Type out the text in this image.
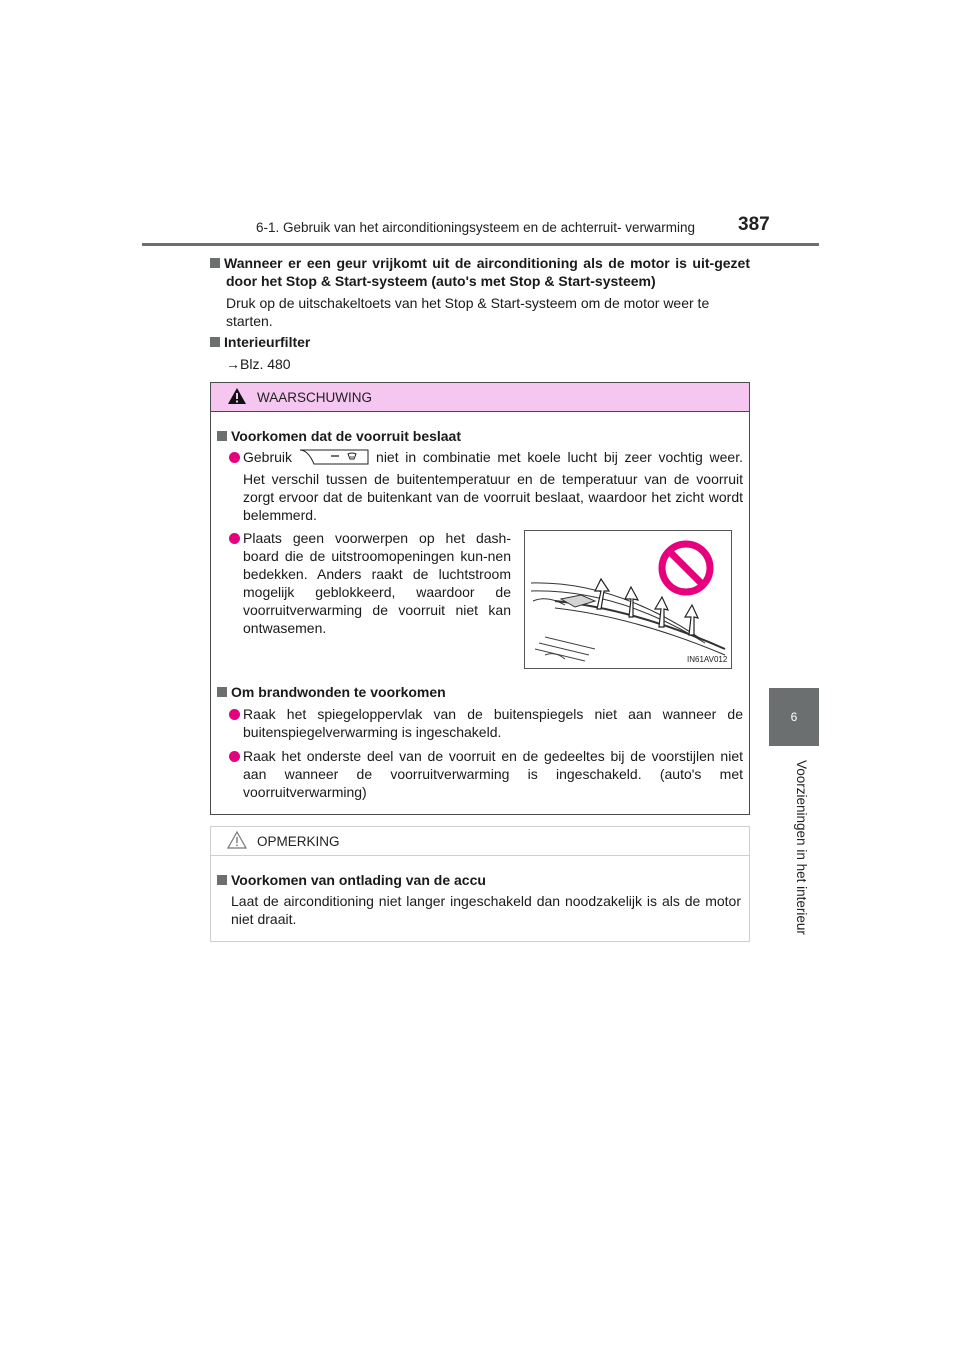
6-1. Gebruik van het airconditioningsysteem en de achterruit- verwarming 387
6
Voorzieningen in het interieur
Wanneer er een geur vrijkomt uit de airconditioning als de motor is uit-gezet door het Stop & Start-systeem (auto's met Stop & Start-systeem)
Druk op de uitschakeltoets van het Stop & Start-systeem om de motor weer te starten.
Interieurfilter
→Blz. 480
WAARSCHUWING
Voorkomen dat de voorruit beslaat
Gebruik	niet in combinatie met koele lucht bij zeer vochtig weer. Het verschil tussen de buitentemperatuur en de temperatuur van de voorruit zorgt ervoor dat de buitenkant van de voorruit beslaat, waardoor het zicht wordt belemmerd.
Plaats geen voorwerpen op het dash-board die de uitstroomopeningen kun-nen bedekken. Anders raakt de luchtstroom mogelijk geblokkeerd, waardoor de voorruitverwarming de voorruit niet kan ontwasemen.
IN61AV012
Om brandwonden te voorkomen
Raak het spiegeloppervlak van de buitenspiegels niet aan wanneer de buitenspiegelverwarming is ingeschakeld.
Raak het onderste deel van de voorruit en de gedeeltes bij de voorstijlen niet aan wanneer de voorruitverwarming is ingeschakeld. (auto's met voorruitverwarming)
OPMERKING
Voorkomen van ontlading van de accu
Laat de airconditioning niet langer ingeschakeld dan noodzakelijk is als de motor niet draait.
